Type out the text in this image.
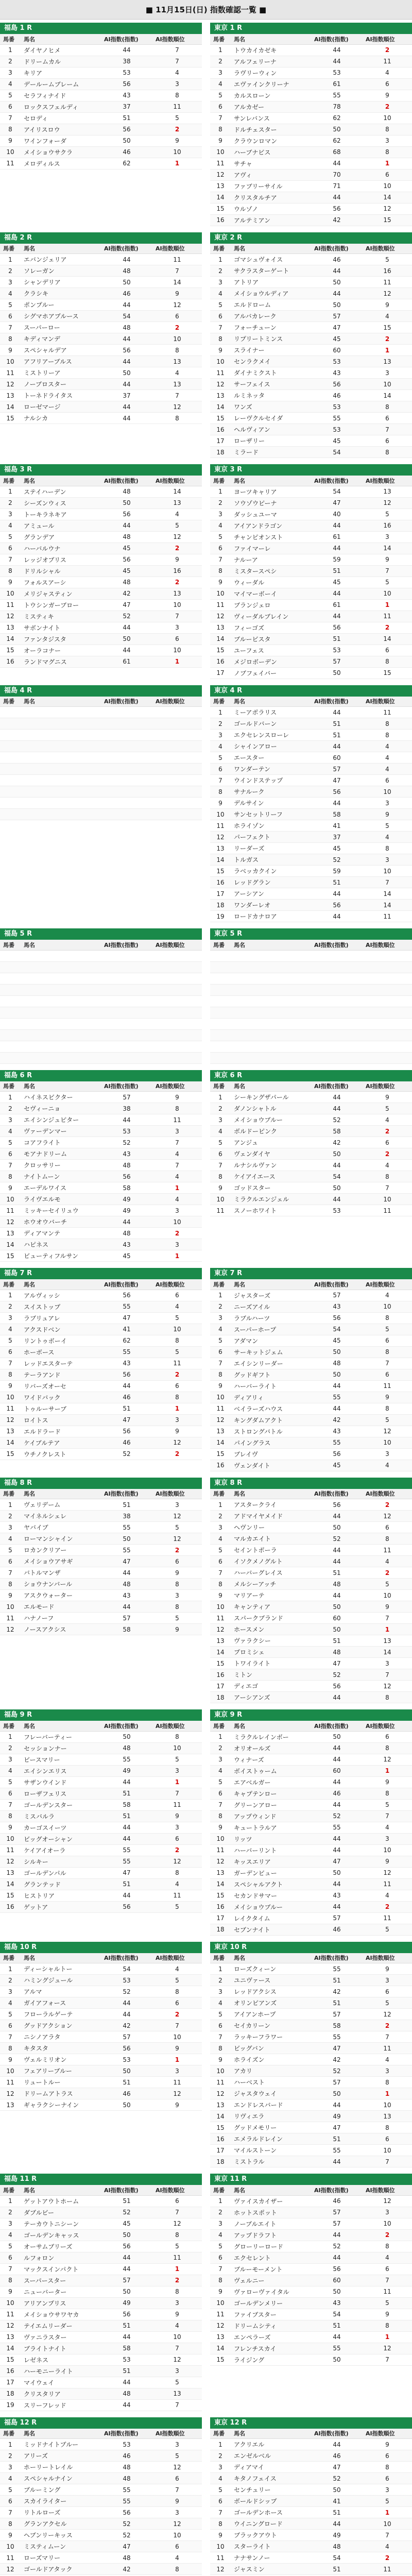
■ 11月15日(日) 指数確認一覧 ■
福島 1 R
馬番	馬名	AI指数(指数)	AI指数順位
1	ダイヤノヒメ	44	7
2	ドリームカル	38	7
3	キリア	53	4
4	デールームブレーム	56	3
5	セラフィナイド	43	8
6	ロックスフェルディ	37	11
7	セロディ	51	5
8	アイリスロウ	56	2
9	ワインフォーダ	50	9
10	メイショウサクラ	46	10
11	メロディルス	62	1
東京 1 R
馬番	馬名	AI指数(指数)	AI指数順位
1	トウカイカゼキ	44	2
2	アルフェリーナ	44	11
3	ラヴリーウィン	53	4
4	エヴァインクリーナ	61	6
5	カルスローン	55	9
6	アルカゼー	78	2
7	サンレバンス	62	10
8	ドルチェスター	50	8
9	クラウンロマン	62	3
10	ハーブナビス	68	8
11	サチャ	44	1
12	アヴィ	70	6
13	ファブリーサイル	71	10
14	クリスタルチア	44	14
15	ウルゾノ	56	12
16	アルテミアン	42	15
福島 2 R
馬番	馬名	AI指数(指数)	AI指数順位
1	エバンジェリア	44	11
2	ソレーガン	48	7
3	シャンデリア	50	14
4	クラシキ	46	9
5	ポンプルー	44	12
6	シグマホアプルース	54	6
7	スーパーロー	48	2
8	キディマンデ	44	10
9	スペシャルデア	56	8
10	アフリアーブルス	44	13
11	ミストリーア	50	4
12	ノーブロスター	44	13
13	トーネドライタス	37	7
14	ローゼマージ	44	12
15	ナルシカ	44	8
東京 2 R
馬番	馬名	AI指数(指数)	AI指数順位
1	ゴマシュヴォイス	46	5
2	サクラスターゲート	44	16
3	アトリア	50	11
4	メイショウルディア	44	12
5	エルドローム	50	9
6	アルバカレーク	57	4
7	フォーチューン	47	15
8	リプリートミンス	45	2
9	スライナー	60	1
10	センラクメイ	53	13
11	ダイナミクスト	43	3
12	サーフェイス	56	10
13	ルミネッタ	46	14
14	ワンズ	53	8
15	レーヴクルセイダ	55	6
16	ヘルヴィアン	53	7
17	ローザリー	45	6
18	ミラード	54	8
福島 3 R
馬番	馬名	AI指数(指数)	AI指数順位
1	ステイハーデン	48	14
2	シーズンウィス	50	13
3	トーキラネキア	56	4
4	アミュール	44	5
5	グランデア	48	12
6	ハーバルウナ	45	2
7	レッジオブリス	56	9
8	ドリルシャル	45	16
9	フォルスアーシ	48	2
10	メリジャスティン	42	13
11	トウシンガーブロー	47	10
12	ミスティキ	52	7
13	サボンナイト	44	3
14	ファンタジスタ	50	6
15	オーラコナー	44	10
16	ランドマグニス	61	1
東京 3 R
馬番	馬名	AI指数(指数)	AI指数順位
1	ヨーツキャリア	54	13
2	ソウゾウピーナ	47	12
3	ダッシュユーマ	40	5
4	アイアンドラゴン	44	16
5	チャンピオンスト	61	3
6	ファイマーレ	44	14
7	ナルーア	59	9
8	ミスタースペシ	51	7
9	ウィーダル	45	5
10	マイマーボーイ	44	10
11	ブランジェロ	61	1
12	ヴィーダルブレイン	44	11
13	フィーゴズ	56	2
14	ブルービスタ	51	14
15	ユーフェス	53	6
16	メジロボーデン	57	8
17	ノブフェイバー	50	15
福島 4 R
馬番	馬名	AI指数(指数)	AI指数順位

東京 4 R
馬番	馬名	AI指数(指数)	AI指数順位
1	ミーアポラリス	44	11
2	ゴールドバーン	51	8
3	エクセレンスローレ	51	8
4	シャインアロー	44	4
5	エースター	60	4
6	ワンダーテン	57	4
7	ウインドステップ	47	6
8	サナルーク	56	10
9	デルサイン	44	3
10	サンセットリーフ	58	9
11	ホライゾン	41	5
12	パーフェクト	37	4
13	リーダーズ	45	8
14	トルガス	52	3
15	ラベッカクイン	59	10
16	レッドグラン	51	7
17	アーシアン	44	14
18	ワンダーレオ	56	14
19	ロードカナロア	44	11
福島 5 R
馬番	馬名	AI指数(指数)	AI指数順位

東京 5 R
馬番	馬名	AI指数(指数)	AI指数順位

福島 6 R
馬番	馬名	AI指数(指数)	AI指数順位
1	ハイネスビクター	57	9
2	セヴィーニョ	38	8
3	エイシンジュピター	44	11
4	ヴァーデンマー	53	3
5	コアフライト	52	7
6	モアナドリーム	43	4
7	クロッサリー	48	7
8	ナイトムーン	56	4
9	エーデルワイス	58	1
10	ライヴエルモ	49	4
11	ミッキーセイリュウ	49	3
12	ホウオウバーチ	44	10
13	ディアマンテ	48	2
14	ハピネス	43	3
15	ビューティフルサン	45	1
東京 6 R
馬番	馬名	AI指数(指数)	AI指数順位
1	シーキングザパール	44	9
2	ダノンシャトル	44	5
3	メイショウブルー	52	4
4	ボルドーピンク	58	2
5	アンジュ	42	6
6	ヴェンダイヤ	50	2
7	ルナシルヴァン	44	4
8	ケイアイエース	54	8
9	ゴッドスター	50	7
10	ミラクルエンジェル	44	10
11	スノーホワイト	53	11
福島 7 R
馬番	馬名	AI指数(指数)	AI指数順位
1	アルヴィッシ	56	6
2	スイストップ	55	4
3	ラブリュアレ	47	5
4	アクスドベン	41	10
5	リントゥボーイ	62	8
6	ホーボース	55	5
7	レッドエスターテ	43	11
8	テーラアンド	56	2
9	リバーズオーセ	44	6
10	ワイドバック	46	8
11	トゥルーサーブ	51	1
12	ロイトス	47	3
13	エルドラード	56	9
14	ケイブルテア	46	12
15	ウチノクレスト	52	2
東京 7 R
馬番	馬名	AI指数(指数)	AI指数順位
1	ジャスターズ	57	4
2	ニーズアイル	43	10
3	ラブルハーツ	56	8
4	スーパーホープ	54	5
5	アダマン	45	6
6	サーキットジェム	50	8
7	エイシンリーダー	48	7
8	グッドギフト	50	6
9	ハーバーライト	44	11
10	ディアリィ	55	9
11	ベイラーズハウス	44	8
12	キングダムアクト	42	5
13	ストロングバトル	43	12
14	パイングラス	55	10
15	ブレイヴ	56	3
16	ヴェンダイト	45	4
福島 8 R
馬番	馬名	AI指数(指数)	AI指数順位
1	ヴェリデーム	51	3
2	マイネルシェレ	38	12
3	ヤバイブ	55	5
4	ローマンシャイン	50	12
5	ロカンクリアー	55	2
6	メイショウアサギ	47	6
7	バトルマンザ	44	9
8	ショウナンバール	48	8
9	アスクウォーター	43	3
10	エルモード	44	8
11	ハナノーフ	57	5
12	ノースアクシス	58	9
東京 8 R
馬番	馬名	AI指数(指数)	AI指数順位
1	アスタークライ	56	2
2	アドマイヤメイド	44	12
3	ヘヴンリー	50	6
4	マルカエイト	52	8
5	セイントポーラ	44	11
6	イソクメノグルト	44	4
7	ハーバーグレイス	51	2
8	メルシーアッチ	48	5
9	マリアーテ	44	10
10	キャンティア	50	9
11	スパークブランド	60	7
12	ホースメン	50	1
13	ヴァラクシー	51	13
14	プロミシェ	48	14
15	トワイライト	47	3
16	ミトン	52	7
17	ディエゴ	56	12
18	アーシアンズ	44	8
福島 9 R
馬番	馬名	AI指数(指数)	AI指数順位
1	フレーバーティー	50	8
2	セッションナー	48	10
3	ビースマリー	55	5
4	エイシンエリス	49	3
5	サザンウインド	44	1
6	ローザフェリス	51	7
7	ゴールデンスター	58	11
8	ミスバルラ	51	9
9	カーゴスイーツ	44	3
10	ビッグオーシャン	44	6
11	ケイアイオーラ	55	2
12	シルキー	55	12
13	ゴールデンパル	47	8
14	グランテッド	51	4
15	ヒストリア	44	11
16	ゲットア	56	5
東京 9 R
馬番	馬名	AI指数(指数)	AI指数順位
1	ミラクルレインボー	50	6
2	オリオールズ	44	8
3	ウィナーズ	44	12
4	ボイストゥーム	60	1
5	エアベルガー	44	9
6	キャプテンロー	46	8
7	グリーンアロー	44	5
8	アップウィンド	52	7
9	キュートラルア	55	4
10	リッツ	44	3
11	ハーバーリント	44	10
12	キッスエリア	47	9
13	ガーデンビュー	50	12
14	スペシャルアクト	44	11
15	セカンドサマー	43	4
16	メイショウブルー	44	2
17	レイクタイム	57	11
18	セブンナイト	46	5
福島 10 R
馬番	馬名	AI指数(指数)	AI指数順位
1	ディーシャルトー	54	4
2	ハミングジュール	53	5
3	アルマ	52	8
4	ガイアフォース	44	6
5	フローラルゲーテ	44	2
6	グッドアクション	42	7
7	ニシノアラタ	57	10
8	キタスタ	56	9
9	ヴェルミリオン	53	1
10	フェアリーブルー	50	3
11	リュートルー	51	11
12	ドリームアトラス	46	12
13	ギャラクシーナイン	50	9
東京 10 R
馬番	馬名	AI指数(指数)	AI指数順位
1	ローズクィーン	55	9
2	ユニヴァース	51	3
3	レッドアクシス	42	6
4	オリンピアンズ	51	5
5	アイアンホープ	57	12
6	セイカリーン	58	2
7	ラッキーフラワー	55	7
8	ビッグバン	47	11
9	ホライズン	42	4
10	アカリ	52	3
11	ハーベスト	57	8
12	ジャスタウェイ	50	1
13	エンドレスバード	44	10
14	リヴィエラ	49	13
15	グッドメモリー	47	8
16	エメラルドレイン	51	6
17	マイルストーン	55	10
18	ミストラル	44	7
福島 11 R
馬番	馬名	AI指数(指数)	AI指数順位
1	ゲットアウトホーム	51	6
2	ダブルビー	52	7
3	テーカウトニシーン	45	12
4	ゴールデンキャッス	50	8
5	オーサムブリーズ	56	5
6	ルフォロン	44	11
7	マックスインパクト	44	1
8	スーパースター	57	2
9	ニューバーター	50	8
10	アリアンプリス	49	3
11	メイショウサワヤカ	56	9
12	テイエムリーダー	51	4
13	ヴァニラスター	44	10
14	ブライトナイト	58	7
15	レゼネス	53	12
16	ハーモニーライト	51	3
17	マイウェイ	44	5
18	クリスタリア	48	13
19	スリーフレッド	44	7
東京 11 R
馬番	馬名	AI指数(指数)	AI指数順位
1	ヴァイスカイザー	46	12
2	ホットスポット	57	3
3	ノーブルエイト	57	10
4	アップドラフト	44	2
5	グローリーロード	52	8
6	エクセレント	44	4
7	ブルーモーメント	56	6
8	ヴェルニー	60	7
9	ヴァローヴァイタル	50	11
10	ゴールデンメリー	43	5
11	ファイブスター	54	9
12	ドリームシティ	51	8
13	エンペラーズ	44	1
14	フレンチスカイ	55	12
15	ライジング	50	7
福島 12 R
馬番	馬名	AI指数(指数)	AI指数順位
1	ミッドナイトブルー	53	3
2	アリーズ	46	5
3	ホーリートレイル	48	12
4	スペシャルナイン	48	6
5	ブルーミング	55	7
6	スカイライター	55	9
7	リトルローズ	56	3
8	グランアクセル	52	12
9	ヘブンリーキッス	52	10
10	ミスティムーン	47	6
11	ローズマリー	48	4
12	ゴールドアタック	42	8

東京 12 R
馬番	馬名	AI指数(指数)	AI指数順位
1	アクリエル	44	9
2	エンゼルベル	46	6
3	ディアマイ	47	8
4	キタノフェイス	52	6
5	センチュリー	50	3
6	ボールドシップ	41	5
7	ゴールデンホース	51	1
8	ウイニングロード	44	10
9	ブラックアウト	49	7
10	スターライト	48	4
11	ナナサンノー	54	2
12	ジャスミン	51	11
